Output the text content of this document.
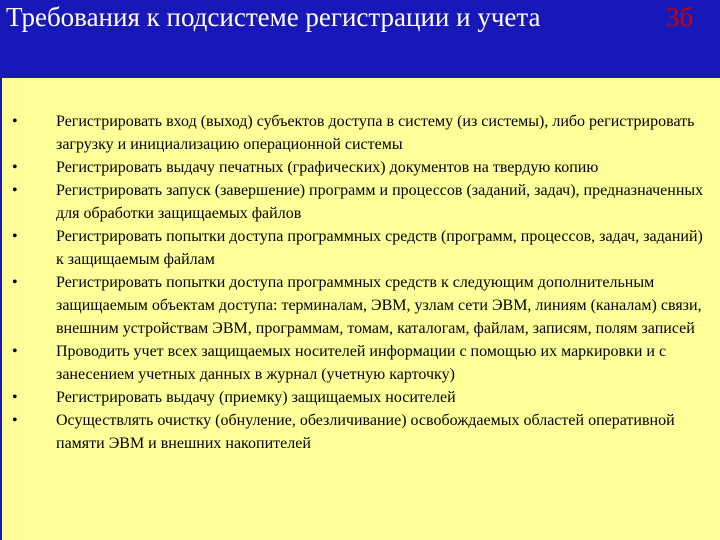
Требования к подсистеме регистрации и учета	3б
• Регистрировать вход (выход) субъектов доступа в систему (из системы), либо регистрировать загрузку и инициализацию операционной системы
• Регистрировать выдачу печатных (графических) документов на твердую копию
• Регистрировать запуск (завершение) программ и процессов (заданий, задач), предназначенных для обработки защищаемых файлов
• Регистрировать попытки доступа программных средств (программ, процессов, задач, заданий) к защищаемым файлам
• Регистрировать попытки доступа программных средств к следующим дополнительным защищаемым объектам доступа: терминалам, ЭВМ, узлам сети ЭВМ, линиям (каналам) связи, внешним устройствам ЭВМ, программам, томам, каталогам, файлам, записям, полям записей
• Проводить учет всех защищаемых носителей информации с помощью их маркировки и с занесением учетных данных в журнал (учетную карточку)
• Регистрировать выдачу (приемку) защищаемых носителей
• Осуществлять очистку (обнуление, обезличивание) освобождаемых областей оперативной памяти ЭВМ и внешних накопителей
